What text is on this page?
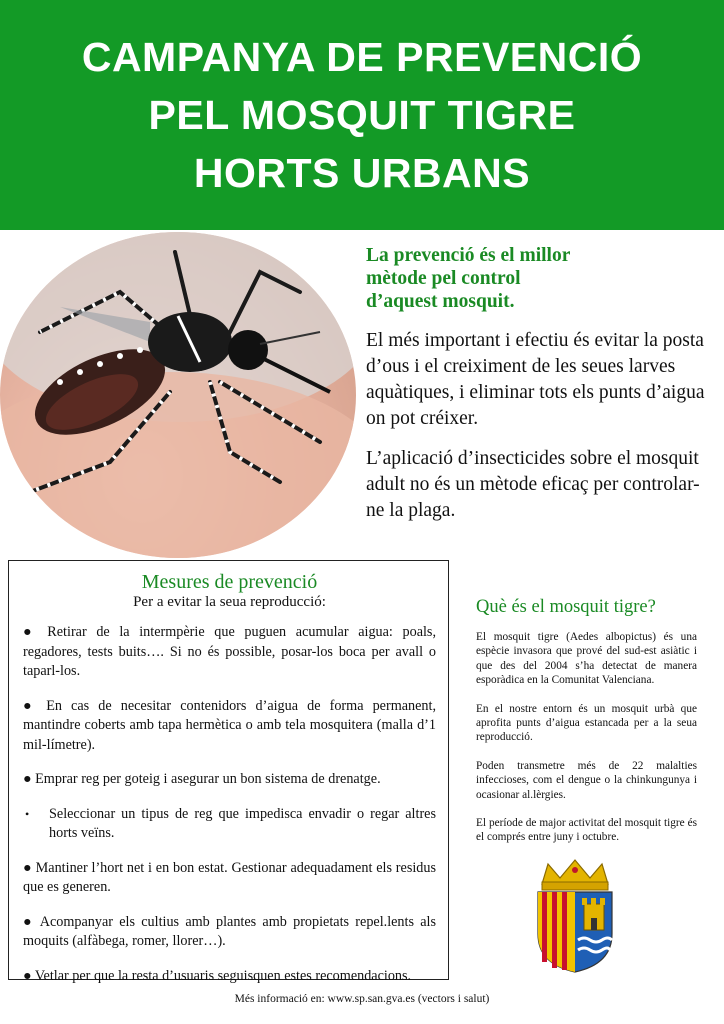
CAMPANYA DE PREVENCIÓ
PEL MOSQUIT TIGRE
HORTS URBANS

La prevenció és el millor
mètode pel control
d’aquest mosquit.

El més important i efectiu és evitar la posta d’ous i el creiximent de les seues larves aquàtiques, i eliminar tots els punts d’aigua on pot créixer.

L’aplicació d’insecticides sobre el mosquit adult no és un mètode eficaç per controlar-ne la plaga.

Mesures de prevenció
Per a evitar la seua reproducció:
● Retirar de la intermpèrie que puguen acumular aigua: poals, regadores, tests buits…. Si no és possible, posar-los boca per avall o taparl-los.
● En cas de necesitar contenidors d’aigua de forma permanent, mantindre coberts amb tapa hermètica o amb tela mosquitera (malla d’1 mil-límetre).
● Emprar reg per goteig i asegurar un bon sistema de drenatge.
• Seleccionar un tipus de reg que impedisca envadir o regar altres horts veïns.
● Mantiner l’hort net i en bon estat. Gestionar adequadament els residus que es generen.
● Acompanyar els cultius amb plantes amb propietats repel.lents als moquits (alfàbega, romer, llorer…).
● Vetlar per que la resta d’usuaris seguisquen estes recomendacions.
Què és el mosquit tigre?

El mosquit tigre (Aedes albopictus) és una espècie invasora que prové del sud-est asiàtic i que des del 2004 s’ha detectat de manera esporàdica en la Comunitat Valenciana.

En el nostre entorn és un mosquit urbà que aprofita punts d’aigua estancada per a la seua reproducció.

Poden transmetre més de 22 malalties infeccioses, com el dengue o la chinkungunya i ocasionar al.lèrgies.

El període de major activitat del mosquit tigre és el comprés entre juny i octubre.

Més informació en: www.sp.san.gva.es (vectors i salut)
